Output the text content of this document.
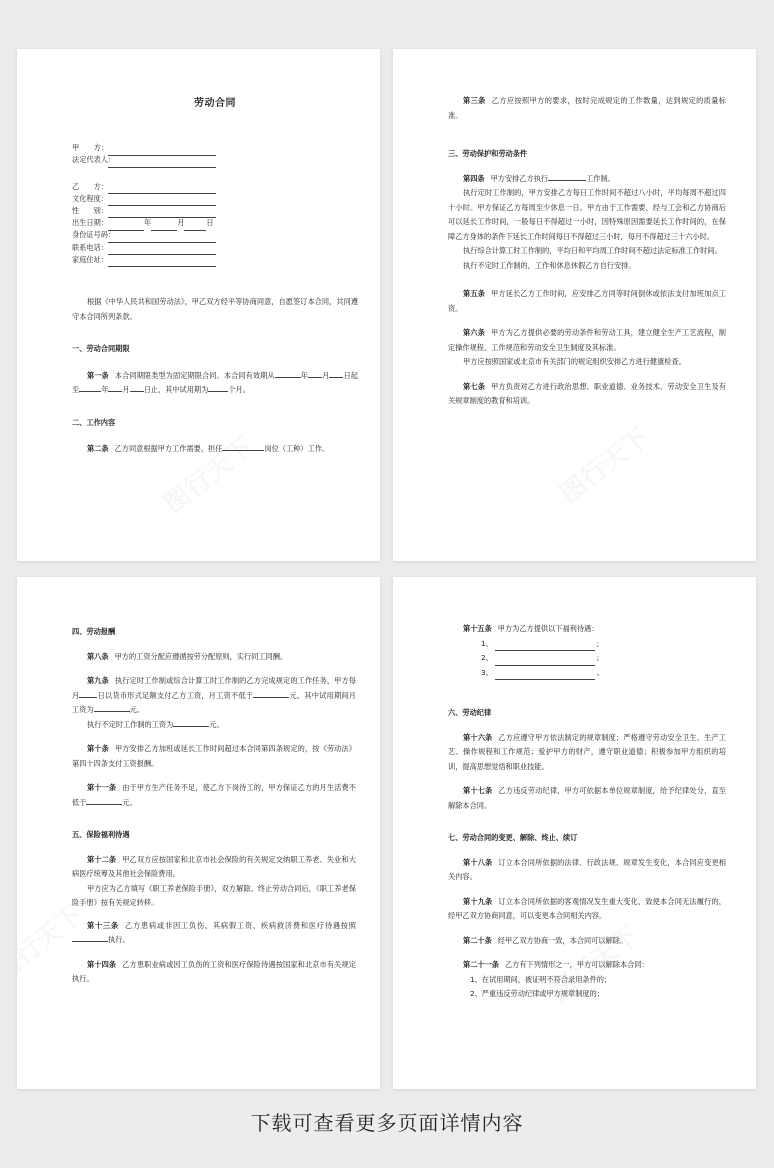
劳动合同

甲　　方：
法定代表人：
乙　　方：
文化程度：
性　　别：
出生日期：	年	月	日
身份证号码：
联系电话：
家庭住址：

根据《中华人民共和国劳动法》，甲乙双方经平等协商同意，自愿签订本合同，共同遵守本合同所列条款。

一、劳动合同期限

第一条 本合同期限类型为固定期限合同。本合同有效期从	年 月 日起至	年 月 日止，其中试用期为	个月。

二、工作内容

第二条 乙方同意根据甲方工作需要，担任	岗位（工种）工作。

第三条 乙方应按照甲方的要求，按时完成规定的工作数量，达到规定的质量标准。

三、劳动保护和劳动条件

第四条 甲方安排乙方执行	工作制。

执行定时工作制的，甲方安排乙方每日工作时间不超过八小时，平均每周不超过四十小时。甲方保证乙方每周至少休息一日。甲方由于工作需要，经与工会和乙方协商后可以延长工作时间，一般每日不得超过一小时，因特殊原因需要延长工作时间的，在保障乙方身体的条件下延长工作时间每日不得超过三小时，每月不得超过三十六小时。

执行综合计算工时工作制的，平均日和平均周工作时间不超过法定标准工作时间。

执行不定时工作制的，工作和休息休假乙方自行安排。

第五条 甲方延长乙方工作时间，应安排乙方同等时间倒休或依法支付加班加点工资。

第六条 甲方为乙方提供必要的劳动条件和劳动工具，建立健全生产工艺流程，制定操作规程、工作规范和劳动安全卫生制度及其标准。

甲方应按照国家或北京市有关部门的规定组织安排乙方进行健康检查。

第七条 甲方负责对乙方进行政治思想、职业道德、业务技术、劳动安全卫生及有关规章制度的教育和培训。

四、劳动报酬

第八条 甲方的工资分配应遵循按劳分配原则，实行同工同酬。

第九条 执行定时工作制或综合计算工时工作制的乙方完成规定的工作任务，甲方每月	日以货币形式足额支付乙方工资，月工资不低于	元，其中试用期间月工资为	元。

执行不定时工作制的工资为	元。

第十条 甲方安排乙方加班或延长工作时间超过本合同第四条规定的，按《劳动法》第四十四条支付工资报酬。

第十一条 由于甲方生产任务不足，使乙方下岗待工的，甲方保证乙方的月生活费不低于	元。

五、保险福利待遇

第十二条 甲乙双方应按国家和北京市社会保险的有关规定交纳职工养老、失业和大病医疗统筹及其他社会保险费用。

甲方应为乙方填写《职工养老保险手册》，双方解除、终止劳动合同后，《职工养老保险手册》按有关规定转移。

第十三条 乙方患病或非因工负伤，其病假工资、疾病救济费和医疗待遇按照执行。

第十四条 乙方患职业病或因工负伤的工资和医疗保险待遇按国家和北京市有关规定执行。

第十五条 甲方为乙方提供以下福利待遇：

1、	;
2、	;
3、	。

六、劳动纪律

第十六条 乙方应遵守甲方依法制定的规章制度；严格遵守劳动安全卫生、生产工艺、操作规程和工作规范；爱护甲方的财产，遵守职业道德；积极参加甲方组织的培训，提高思想觉悟和职业技能。

第十七条 乙方违反劳动纪律，甲方可依据本单位规章制度，给予纪律处分，直至解除本合同。

七、劳动合同的变更、解除、终止、续订

第十八条 订立本合同所依据的法律、行政法规、规章发生变化，本合同应变更相关内容。

第十九条 订立本合同所依据的客观情况发生重大变化，致使本合同无法履行的，经甲乙双方协商同意，可以变更本合同相关内容。

第二十条 经甲乙双方协商一致，本合同可以解除。

第二十一条 乙方有下列情形之一，甲方可以解除本合同：

1、在试用期间，被证明不符合录用条件的；

2、严重违反劳动纪律或甲方规章制度的；

下载可查看更多页面详情内容
